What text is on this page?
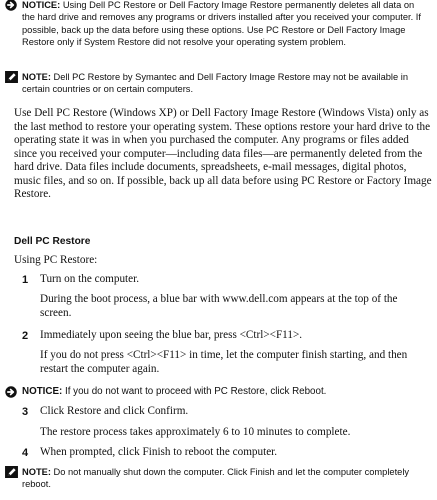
NOTICE: Using Dell PC Restore or Dell Factory Image Restore permanently deletes all data on the hard drive and removes any programs or drivers installed after you received your computer. If possible, back up the data before using these options. Use PC Restore or Dell Factory Image Restore only if System Restore did not resolve your operating system problem.
NOTE: Dell PC Restore by Symantec and Dell Factory Image Restore may not be available in certain countries or on certain computers.
Use Dell PC Restore (Windows XP) or Dell Factory Image Restore (Windows Vista) only as the last method to restore your operating system. These options restore your hard drive to the operating state it was in when you purchased the computer. Any programs or files added since you received your computer—including data files—are permanently deleted from the hard drive. Data files include documents, spreadsheets, e-mail messages, digital photos, music files, and so on. If possible, back up all data before using PC Restore or Factory Image Restore.
Dell PC Restore
Using PC Restore:
1 Turn on the computer.
During the boot process, a blue bar with www.dell.com appears at the top of the screen.
2 Immediately upon seeing the blue bar, press <Ctrl><F11>.
If you do not press <Ctrl><F11> in time, let the computer finish starting, and then restart the computer again.
NOTICE: If you do not want to proceed with PC Restore, click Reboot.
3 Click Restore and click Confirm.
The restore process takes approximately 6 to 10 minutes to complete.
4 When prompted, click Finish to reboot the computer.
NOTE: Do not manually shut down the computer. Click Finish and let the computer completely reboot.
